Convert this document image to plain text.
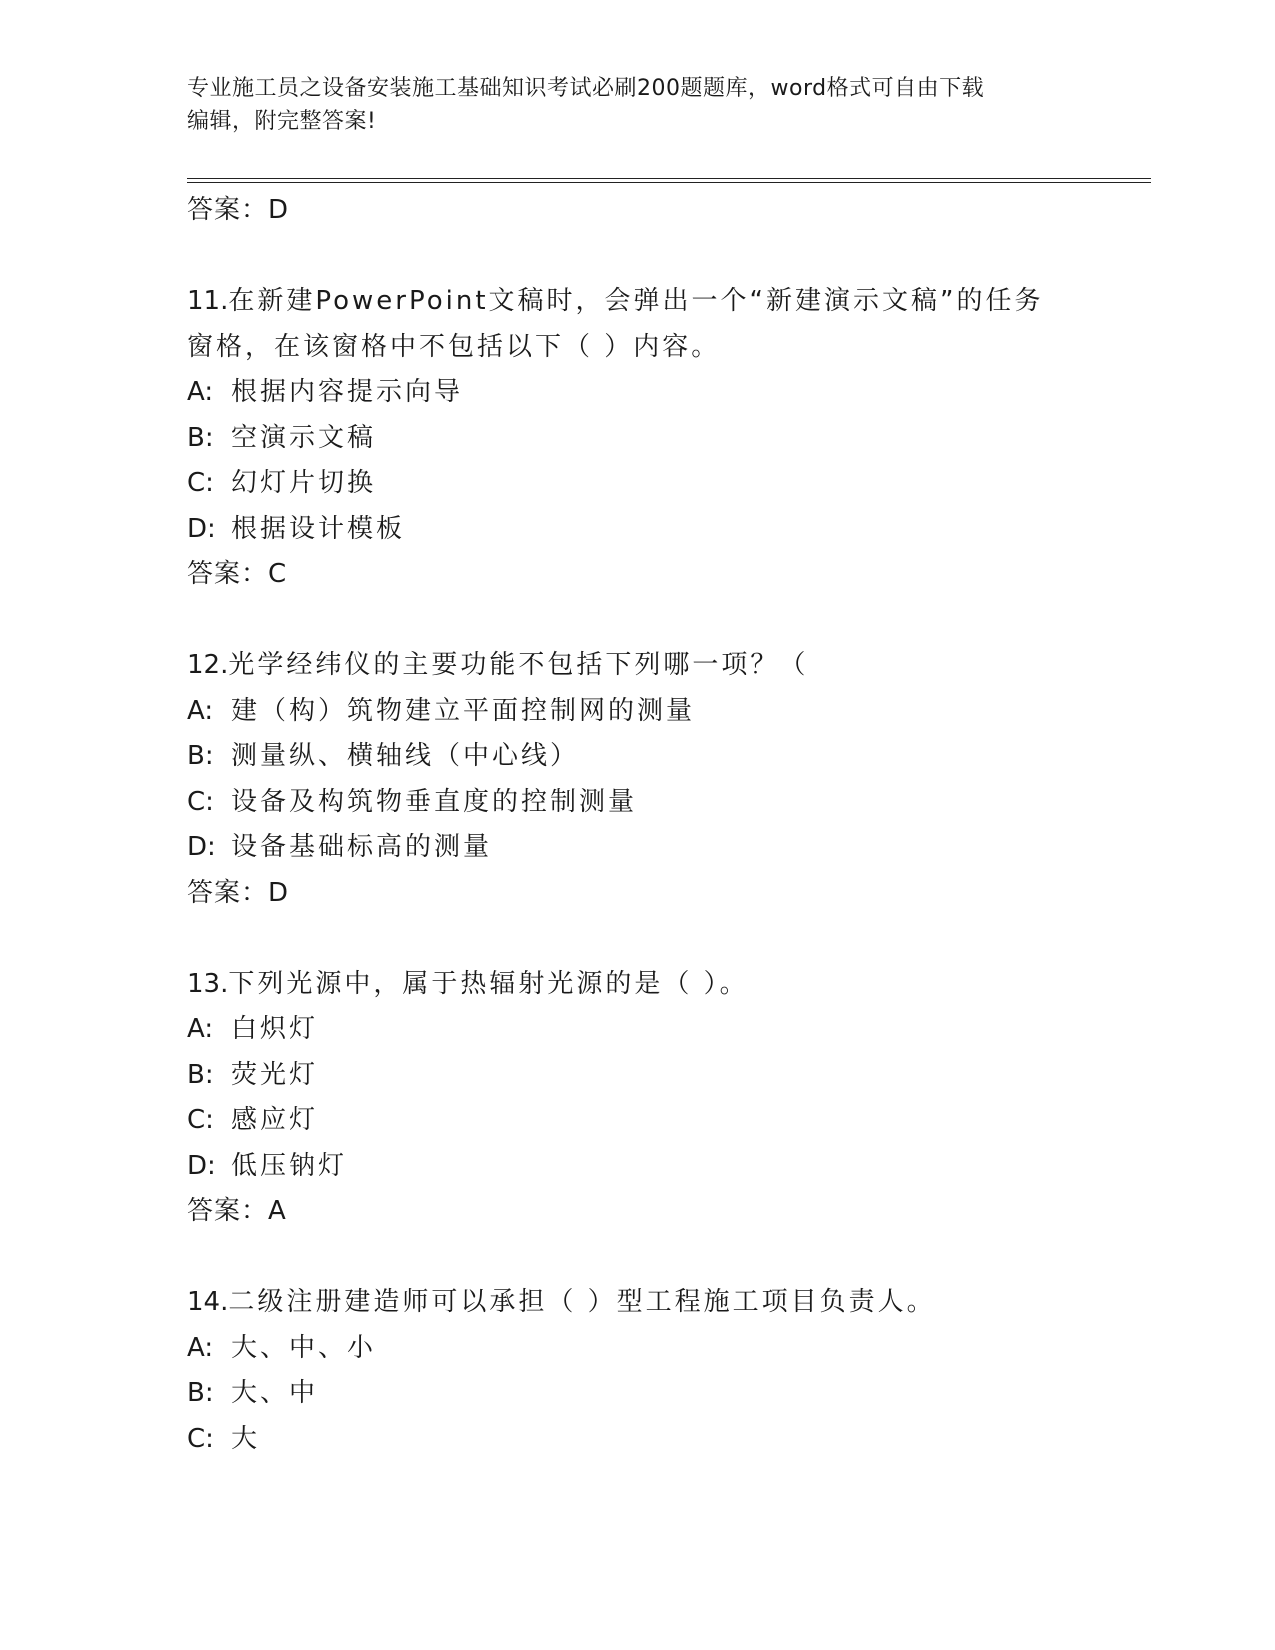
专业施工员之设备安装施工基础知识考试必刷200题题库，word格式可自由下载
编辑，附完整答案!
答案：D
11.在新建PowerPoint文稿时，会弹出一个“新建演示文稿”的任务
窗格，在该窗格中不包括以下（ ）内容。
A: 根据内容提示向导
B: 空演示文稿
C: 幻灯片切换
D: 根据设计模板
答案：C
12.光学经纬仪的主要功能不包括下列哪一项？（
A: 建（构）筑物建立平面控制网的测量
B: 测量纵、横轴线（中心线）
C: 设备及构筑物垂直度的控制测量
D: 设备基础标高的测量
答案：D
13.下列光源中，属于热辐射光源的是（ ）。
A: 白炽灯
B: 荧光灯
C: 感应灯
D: 低压钠灯
答案：A
14.二级注册建造师可以承担（ ）型工程施工项目负责人。
A: 大、中、小
B: 大、中
C: 大
